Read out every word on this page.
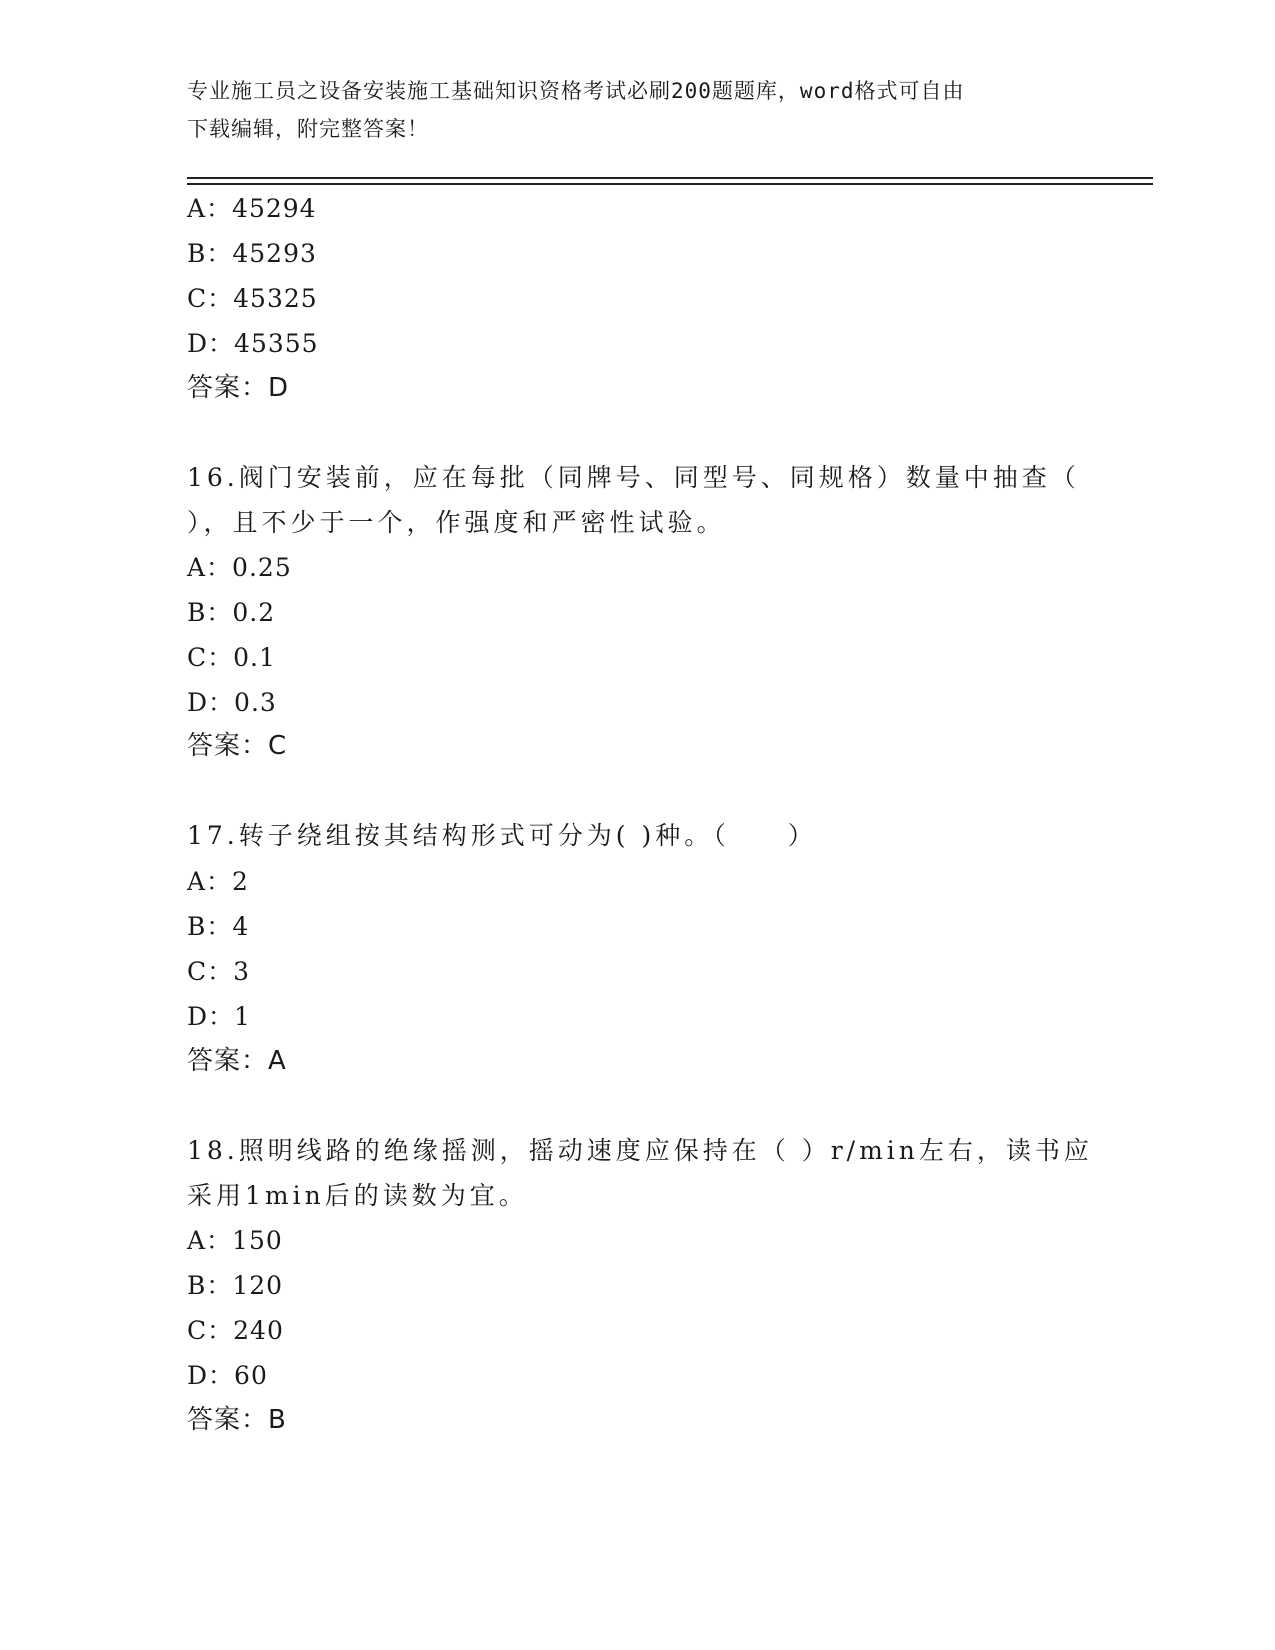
专业施工员之设备安装施工基础知识资格考试必刷200题题库，word格式可自由
下载编辑，附完整答案！
A：45294
B：45293
C：45325
D：45355
答案：D
16.阀门安装前，应在每批（同牌号、同型号、同规格）数量中抽查（
），且不少于一个，作强度和严密性试验。
A：0.25
B：0.2
C：0.1
D：0.3
答案：C
17.转子绕组按其结构形式可分为( )种。（　　）
A：2
B：4
C：3
D：1
答案：A
18.照明线路的绝缘摇测，摇动速度应保持在（ ）r/min左右，读书应
采用1min后的读数为宜。
A：150
B：120
C：240
D：60
答案：B
